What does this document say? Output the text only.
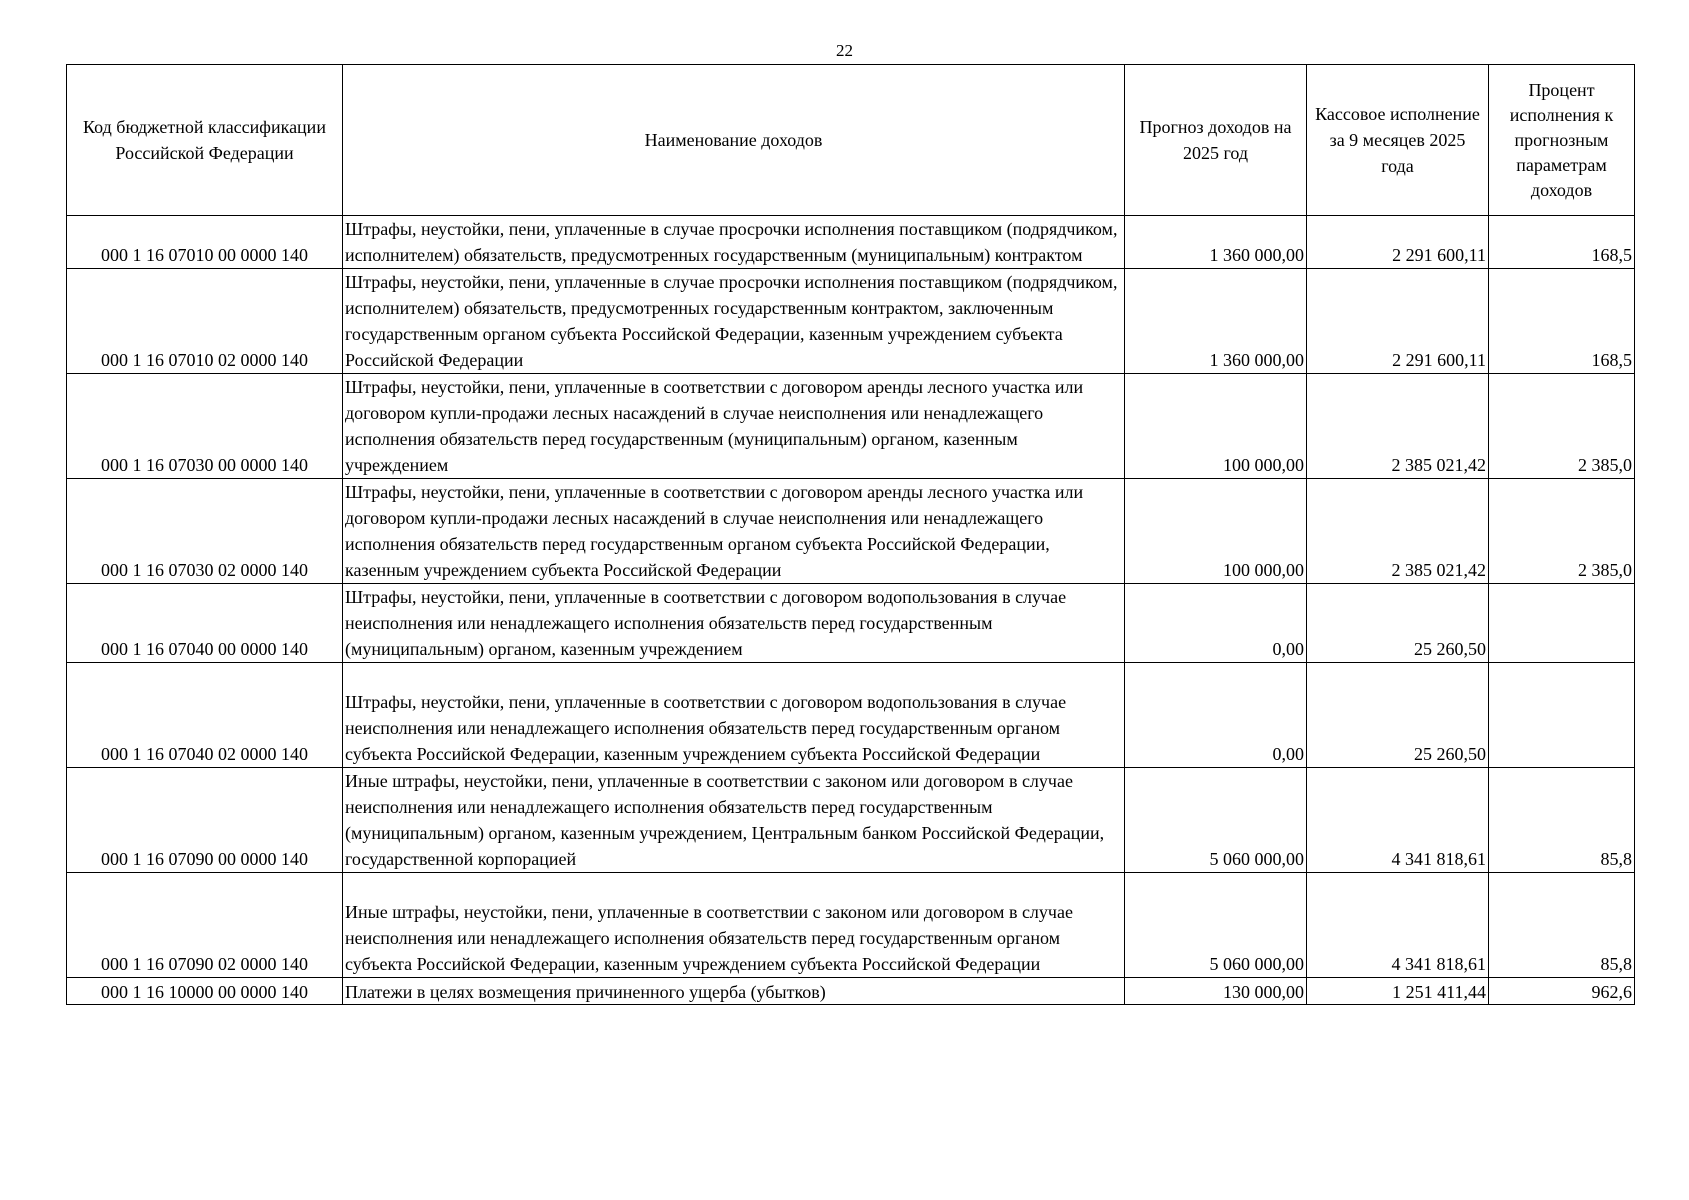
22
Код бюджетной классификации Российской Федерации	Наименование доходов	Прогноз доходов на 2025 год	Кассовое исполнение за 9 месяцев 2025 года	Процент исполнения к прогнозным параметрам доходов
000 1 16 07010 00 0000 140	Штрафы, неустойки, пени, уплаченные в случае просрочки исполнения поставщиком (подрядчиком, исполнителем) обязательств, предусмотренных государственным (муниципальным) контрактом	1 360 000,00	2 291 600,11	168,5
000 1 16 07010 02 0000 140	Штрафы, неустойки, пени, уплаченные в случае просрочки исполнения поставщиком (подрядчиком, исполнителем) обязательств, предусмотренных государственным контрактом, заключенным государственным органом субъекта Российской Федерации, казенным учреждением субъекта Российской Федерации	1 360 000,00	2 291 600,11	168,5
000 1 16 07030 00 0000 140	Штрафы, неустойки, пени, уплаченные в соответствии с договором аренды лесного участка или договором купли-продажи лесных насаждений в случае неисполнения или ненадлежащего исполнения обязательств перед государственным (муниципальным) органом, казенным учреждением	100 000,00	2 385 021,42	2 385,0
000 1 16 07030 02 0000 140	Штрафы, неустойки, пени, уплаченные в соответствии с договором аренды лесного участка или договором купли-продажи лесных насаждений в случае неисполнения или ненадлежащего исполнения обязательств перед государственным органом субъекта Российской Федерации, казенным учреждением субъекта Российской Федерации	100 000,00	2 385 021,42	2 385,0
000 1 16 07040 00 0000 140	Штрафы, неустойки, пени, уплаченные в соответствии с договором водопользования в случае неисполнения или ненадлежащего исполнения обязательств перед государственным (муниципальным) органом, казенным учреждением	0,00	25 260,50	
000 1 16 07040 02 0000 140	Штрафы, неустойки, пени, уплаченные в соответствии с договором водопользования в случае неисполнения или ненадлежащего исполнения обязательств перед государственным органом субъекта Российской Федерации, казенным учреждением субъекта Российской Федерации	0,00	25 260,50	
000 1 16 07090 00 0000 140	Иные штрафы, неустойки, пени, уплаченные в соответствии с законом или договором в случае неисполнения или ненадлежащего исполнения обязательств перед государственным (муниципальным) органом, казенным учреждением, Центральным банком Российской Федерации, государственной корпорацией	5 060 000,00	4 341 818,61	85,8
000 1 16 07090 02 0000 140	Иные штрафы, неустойки, пени, уплаченные в соответствии с законом или договором в случае неисполнения или ненадлежащего исполнения обязательств перед государственным органом субъекта Российской Федерации, казенным учреждением субъекта Российской Федерации	5 060 000,00	4 341 818,61	85,8
000 1 16 10000 00 0000 140	Платежи в целях возмещения причиненного ущерба (убытков)	130 000,00	1 251 411,44	962,6
